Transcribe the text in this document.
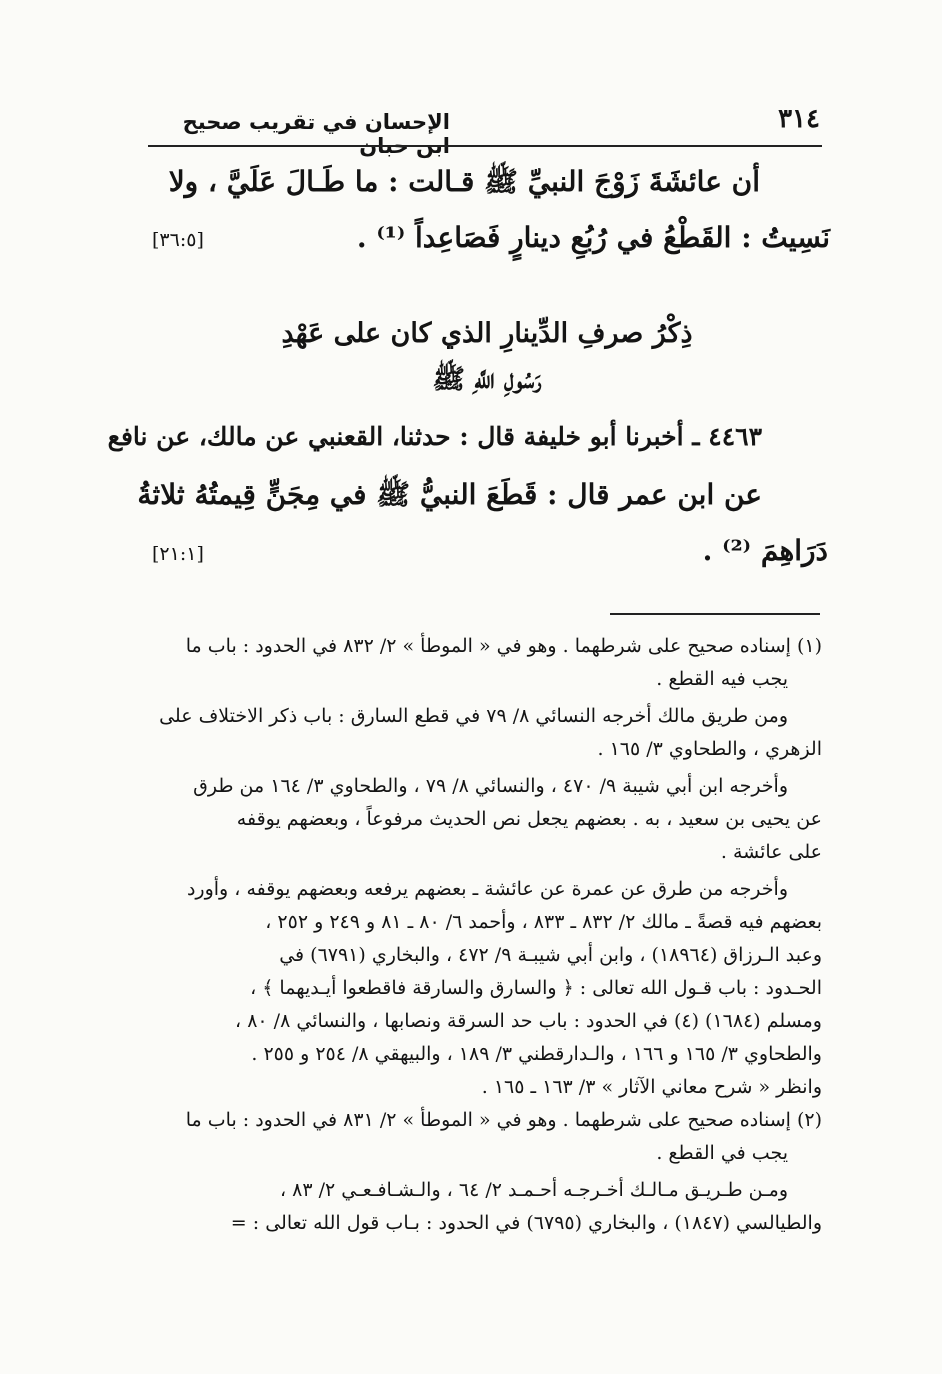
٣١٤
الإحسان في تقريب صحيح ابن حبان
أن عائشَةَ زَوْجَ النبيِّ ﷺ قـالت : ما طَـالَ عَلَيَّ ، ولا
نَسِيتُ : القَطْعُ في رُبُعِ دينارٍ فَصَاعِداً ⁽¹⁾ .
[٣٦:٥]
ذِكْرُ صرفِ الدِّينارِ الذي كان على عَهْدِ
رَسُولِ اللَّهِ ﷺ
٤٤٦٣ ـ أخبرنا أبو خليفة قال : حدثنا، القعنبي عن مالك، عن نافع
عن ابن عمر قال : قَطَعَ النبيُّ ﷺ في مِجَنٍّ قِيمتُهُ ثلاثةُ
دَرَاهِمَ ⁽²⁾ .
[٢١:١]
(١) إسناده صحيح على شرطهما . وهو في « الموطأ » ٢/ ٨٣٢ في الحدود : باب ما
يجب فيه القطع .
ومن طريق مالك أخرجه النسائي ٨/ ٧٩ في قطع السارق : باب ذكر الاختلاف على
الزهري ، والطحاوي ٣/ ١٦٥ .
وأخرجه ابن أبي شيبة ٩/ ٤٧٠ ، والنسائي ٨/ ٧٩ ، والطحاوي ٣/ ١٦٤ من طرق
عن يحيى بن سعيد ، به . بعضهم يجعل نص الحديث مرفوعاً ، وبعضهم يوقفه
على عائشة .
وأخرجه من طرق عن عمرة عن عائشة ـ بعضهم يرفعه وبعضهم يوقفه ، وأورد
بعضهم فيه قصةً ـ مالك ٢/ ٨٣٢ ـ ٨٣٣ ، وأحمد ٦/ ٨٠ ـ ٨١ و ٢٤٩ و ٢٥٢ ،
وعبد الـرزاق (١٨٩٦٤) ، وابن أبي شيبـة ٩/ ٤٧٢ ، والبخاري (٦٧٩١) في
الحـدود : باب قـول الله تعالى : ﴿ والسارق والسارقة فاقطعوا أيـديهما ﴾ ،
ومسلم (١٦٨٤) (٤) في الحدود : باب حد السرقة ونصابها ، والنسائي ٨/ ٨٠ ،
والطحاوي ٣/ ١٦٥ و ١٦٦ ، والـدارقطني ٣/ ١٨٩ ، والبيهقي ٨/ ٢٥٤ و ٢٥٥ .
وانظر « شرح معاني الآثار » ٣/ ١٦٣ ـ ١٦٥ .
(٢) إسناده صحيح على شرطهما . وهو في « الموطأ » ٢/ ٨٣١ في الحدود : باب ما
يجب في القطع .
ومـن طـريـق مـالـك أخـرجـه أحـمـد ٢/ ٦٤ ، والـشـافـعـي ٢/ ٨٣ ،
والطيالسي (١٨٤٧) ، والبخاري (٦٧٩٥) في الحدود : بـاب قول الله تعالى : =
